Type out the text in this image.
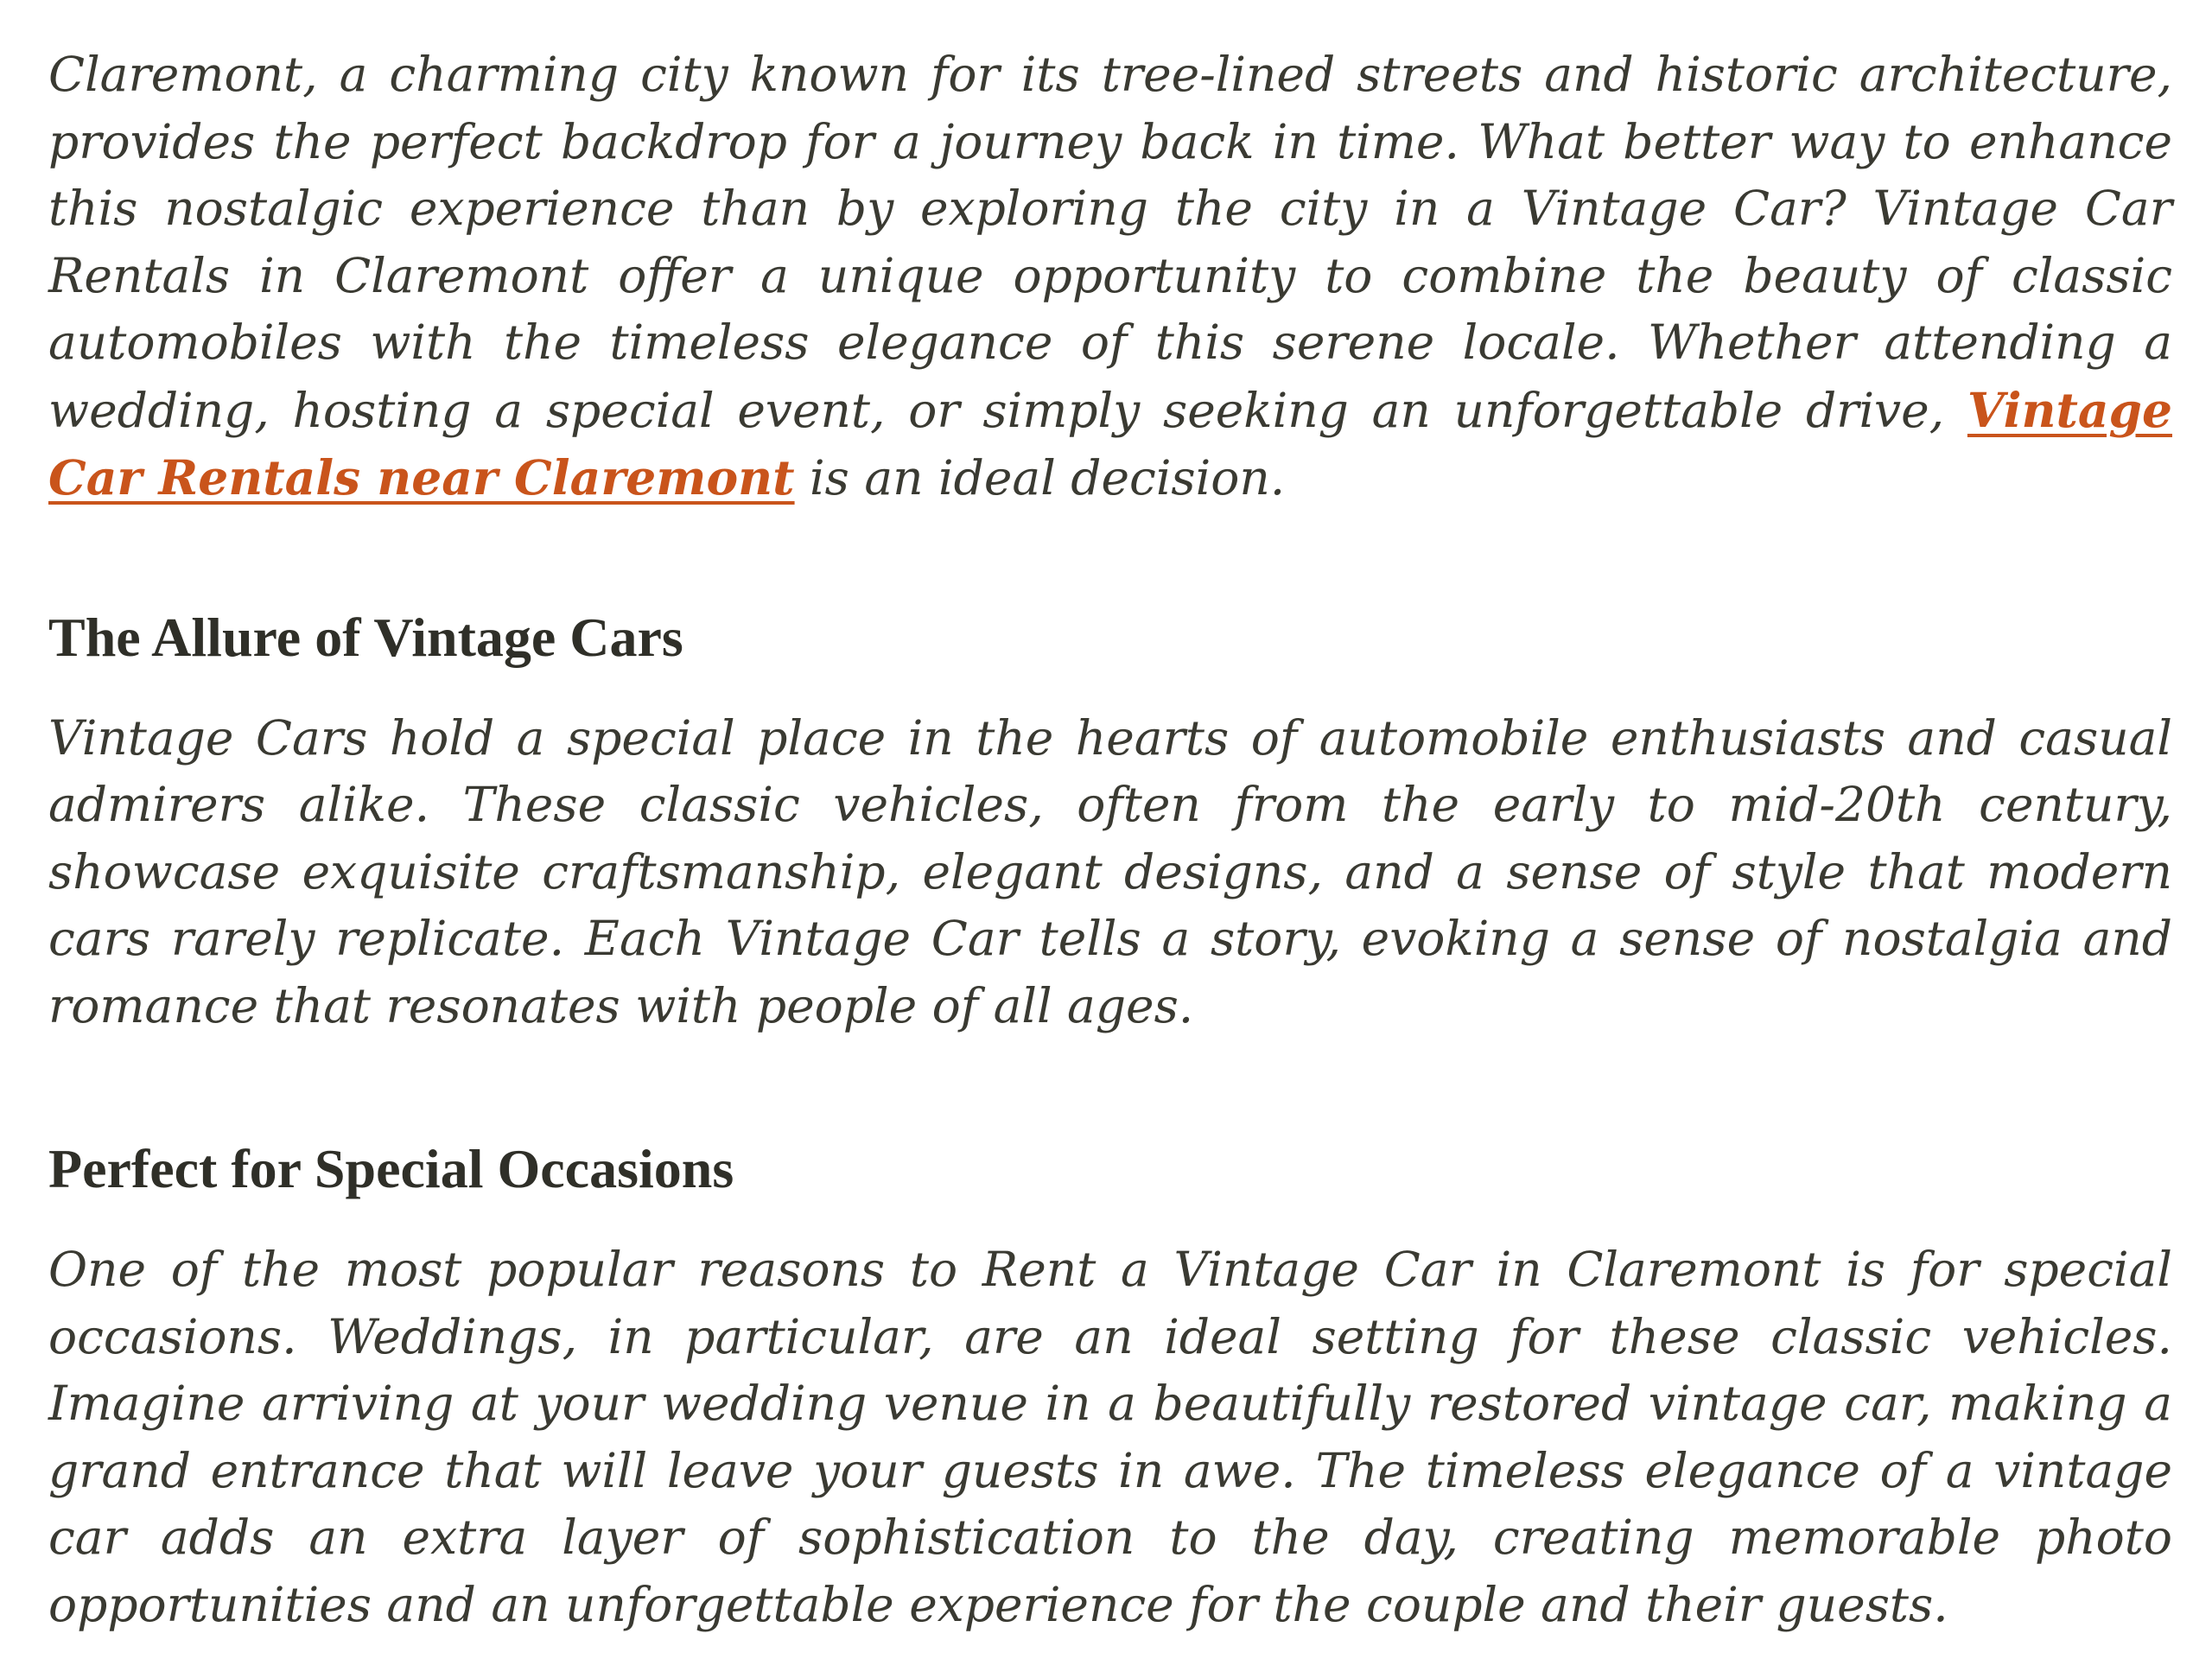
Claremont, a charming city known for its tree-lined streets and historic architecture, provides the perfect backdrop for a journey back in time. What better way to enhance this nostalgic experience than by exploring the city in a Vintage Car? Vintage Car Rentals in Claremont offer a unique opportunity to combine the beauty of classic automobiles with the timeless elegance of this serene locale. Whether attending a wedding, hosting a special event, or simply seeking an unforgettable drive, Vintage Car Rentals near Claremont is an ideal decision.

The Allure of Vintage Cars

Vintage Cars hold a special place in the hearts of automobile enthusiasts and casual admirers alike. These classic vehicles, often from the early to mid-20th century, showcase exquisite craftsmanship, elegant designs, and a sense of style that modern cars rarely replicate. Each Vintage Car tells a story, evoking a sense of nostalgia and romance that resonates with people of all ages.

Perfect for Special Occasions

One of the most popular reasons to Rent a Vintage Car in Claremont is for special occasions. Weddings, in particular, are an ideal setting for these classic vehicles. Imagine arriving at your wedding venue in a beautifully restored vintage car, making a grand entrance that will leave your guests in awe. The timeless elegance of a vintage car adds an extra layer of sophistication to the day, creating memorable photo opportunities and an unforgettable experience for the couple and their guests.
